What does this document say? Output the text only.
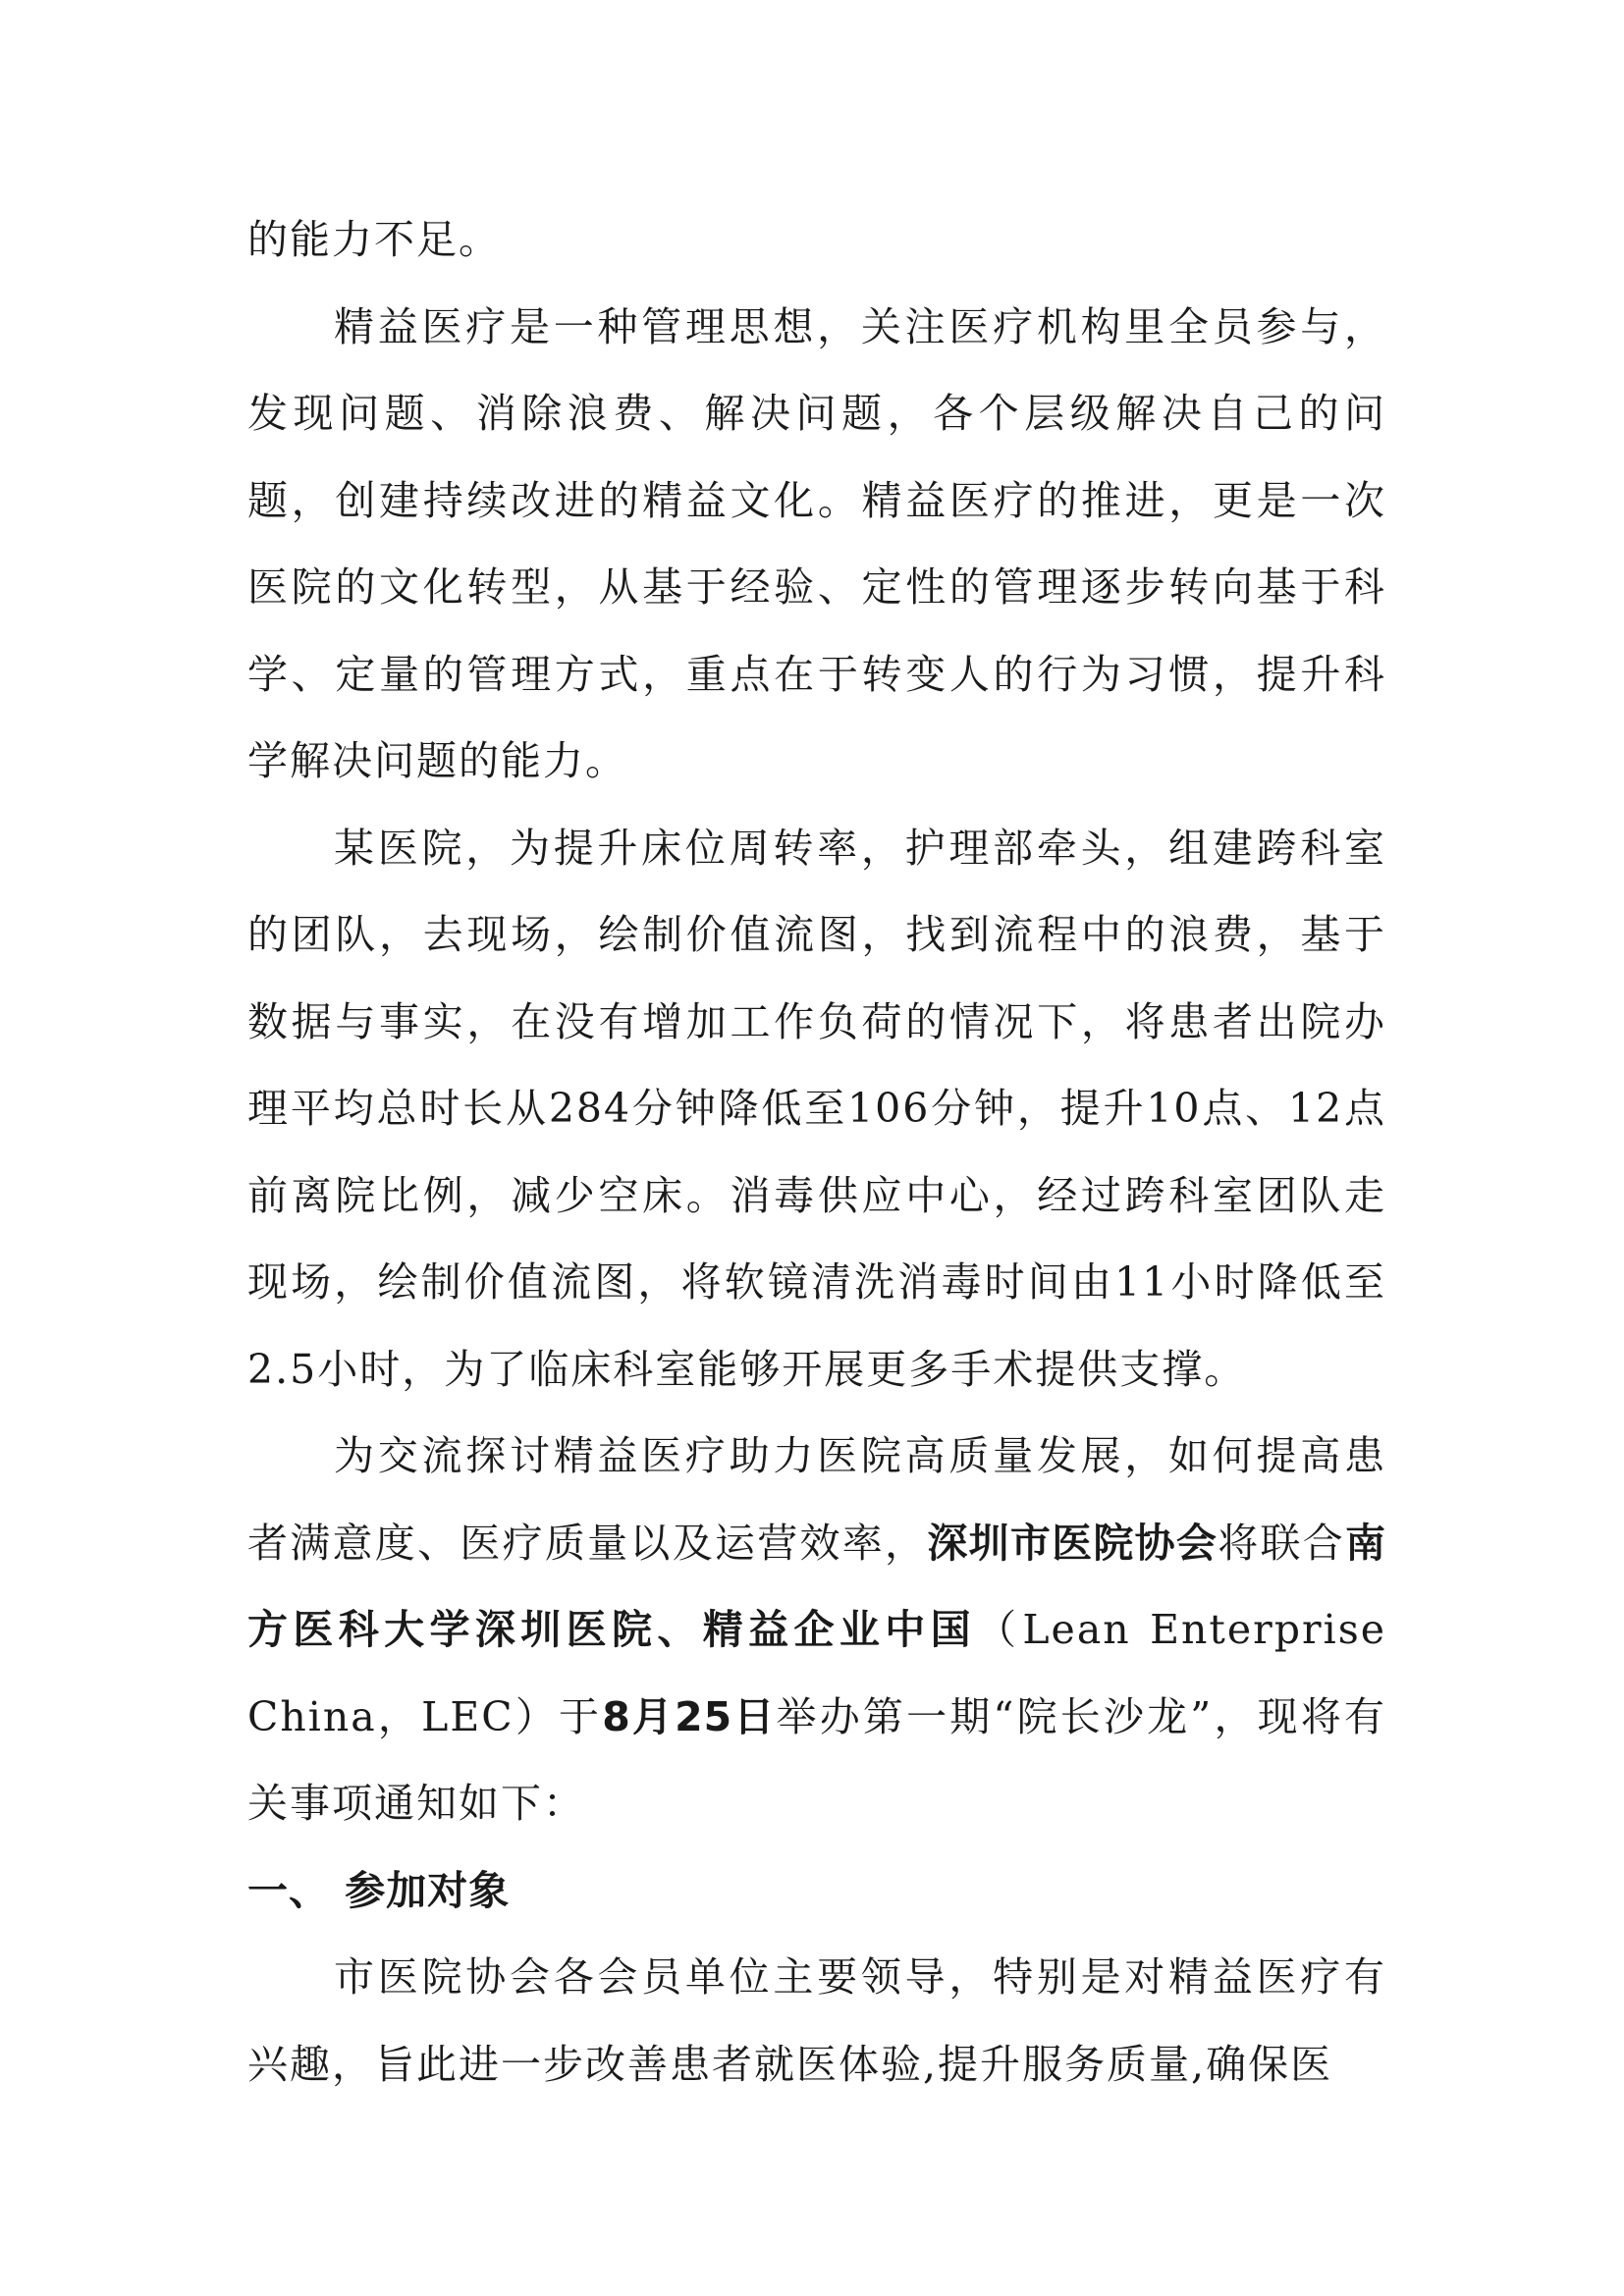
的能力不足。

精益医疗是一种管理思想，关注医疗机构里全员参与，发现问题、消除浪费、解决问题，各个层级解决自己的问题，创建持续改进的精益文化。精益医疗的推进，更是一次医院的文化转型，从基于经验、定性的管理逐步转向基于科学、定量的管理方式，重点在于转变人的行为习惯，提升科学解决问题的能力。

某医院，为提升床位周转率，护理部牵头，组建跨科室的团队，去现场，绘制价值流图，找到流程中的浪费，基于数据与事实，在没有增加工作负荷的情况下，将患者出院办理平均总时长从284分钟降低至106分钟，提升10点、12点前离院比例，减少空床。消毒供应中心，经过跨科室团队走现场，绘制价值流图，将软镜清洗消毒时间由11小时降低至2.5小时，为了临床科室能够开展更多手术提供支撑。

为交流探讨精益医疗助力医院高质量发展，如何提高患者满意度、医疗质量以及运营效率，深圳市医院协会将联合南方医科大学深圳医院、精益企业中国（Lean Enterprise China，LEC）于8月25日举办第一期“院长沙龙”，现将有关事项通知如下：

一、 参加对象

市医院协会各会员单位主要领导，特别是对精益医疗有兴趣，旨此进一步改善患者就医体验,提升服务质量,确保医
